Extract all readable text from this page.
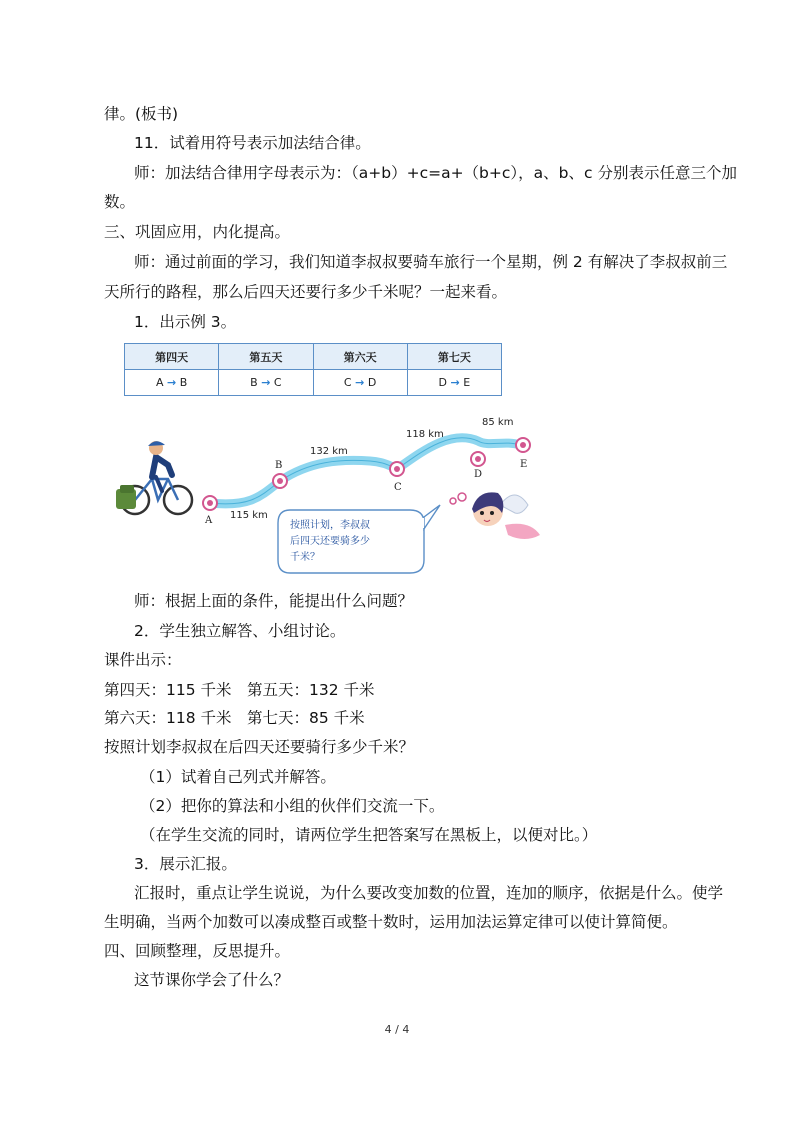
律。(板书)
11．试着用符号表示加法结合律。
师：加法结合律用字母表示为：（a+b）+c=a+（b+c），a、b、c 分别表示任意三个加
数。
三、巩固应用，内化提高。
师：通过前面的学习，我们知道李叔叔要骑车旅行一个星期，例 2 有解决了李叔叔前三
天所行的路程，那么后四天还要行多少千米呢？一起来看。
1．出示例 3。
第四天	第五天	第六天	第七天
A → B	B → C	C → D	D → E
A
B
C
D
E
115 km
132 km
118 km
85 km
按照计划，李叔叔
后四天还要骑多少
千米？
师：根据上面的条件，能提出什么问题？
2．学生独立解答、小组讨论。
课件出示：
第四天：115 千米　第五天：132 千米
第六天：118 千米　第七天：85 千米
按照计划李叔叔在后四天还要骑行多少千米？
（1）试着自己列式并解答。
（2）把你的算法和小组的伙伴们交流一下。
（在学生交流的同时，请两位学生把答案写在黑板上，以便对比。）
3．展示汇报。
汇报时，重点让学生说说，为什么要改变加数的位置，连加的顺序，依据是什么。使学
生明确，当两个加数可以凑成整百或整十数时，运用加法运算定律可以使计算简便。
四、回顾整理，反思提升。
这节课你学会了什么？
4 / 4
